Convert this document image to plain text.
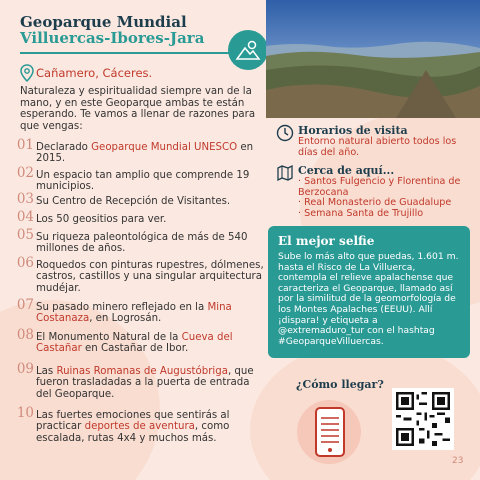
Geoparque Mundial
Villuercas-Ibores-Jara
Cañamero, Cáceres.
Naturaleza y espiritualidad siempre van de la mano, y en este Geoparque ambas te están esperando. Te vamos a llenar de razones para que vengas:
01 Declarado Geoparque Mundial UNESCO en 2015.
02 Un espacio tan amplio que comprende 19 municipios.
03 Su Centro de Recepción de Visitantes.
04 Los 50 geositios para ver.
05 Su riqueza paleontológica de más de 540 millones de años.
06 Roquedos con pinturas rupestres, dólmenes, castros, castillos y una singular arquitectura mudéjar.
07 Su pasado minero reflejado en la Mina Costanaza, en Logrosán.
08 El Monumento Natural de la Cueva del Castañar en Castañar de Ibor.
09 Las Ruinas Romanas de Augustóbriga, que fueron trasladadas a la puerta de entrada del Geoparque.
10 Las fuertes emociones que sentirás al practicar deportes de aventura, como escalada, rutas 4x4 y muchos más.
Horarios de visita
Entorno natural abierto todos los días del año.
Cerca de aquí...
· Santos Fulgencio y Florentina de Berzocana
· Real Monasterio de Guadalupe
· Semana Santa de Trujillo
El mejor selfie
Sube lo más alto que puedas, 1.601 m. hasta el Risco de La Villuerca, contempla el relieve apalachense que caracteriza el Geoparque, llamado así por la similitud de la geomorfología de los Montes Apalaches (EEUU). Allí ¡dispara! y etiqueta a @extremaduro_tur con el hashtag #GeoparqueVilluercas.
¿Cómo llegar?
23
